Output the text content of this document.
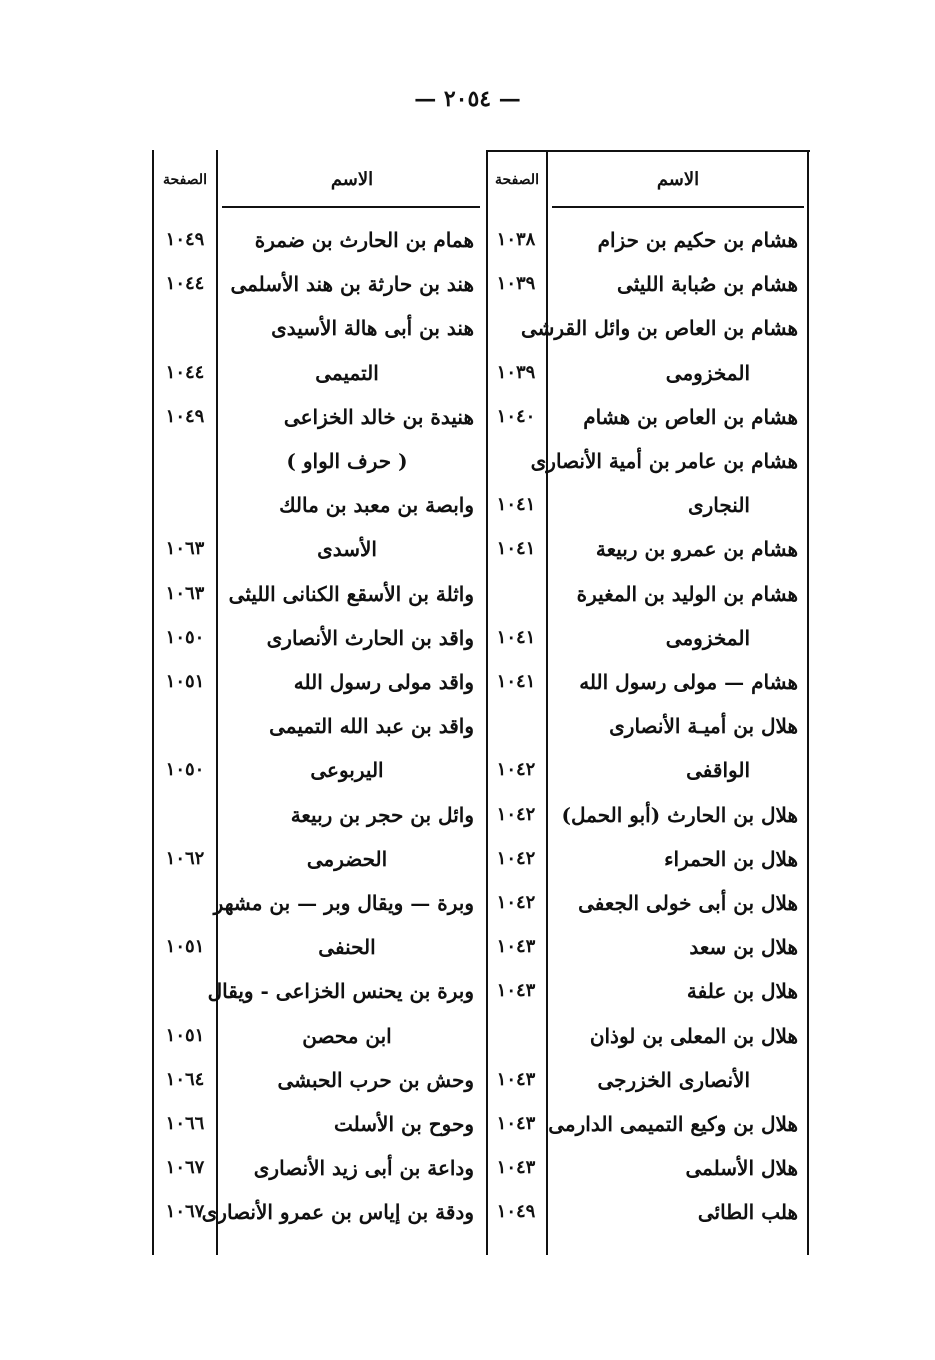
— ٢٠٥٤ —
الاسم
الصفحة
الاسم
الصفحة
هشام بن حكيم بن حزام
١٠٣٨
همام بن الحارث بن ضمرة
١٠٤٩
هشام بن صُبابة الليثى
١٠٣٩
هند بن حارثة بن هند الأسلمى
١٠٤٤
هشام بن العاص بن وائل القرشى
هند بن أبى هالة الأسيدى
المخزومى
١٠٣٩
التميمى
١٠٤٤
هشام بن العاص بن هشام
١٠٤٠
هنيدة بن خالد الخزاعى
١٠٤٩
هشام بن عامر بن أمية الأنصارى
( حرف الواو )
النجارى
١٠٤١
وابصة بن معبد بن مالك
هشام بن عمرو بن ربيعة
١٠٤١
الأسدى
١٠٦٣
هشام بن الوليد بن المغيرة
واثلة بن الأسقع الكنانى الليثى
١٠٦٣
المخزومى
١٠٤١
واقد بن الحارث الأنصارى
١٠٥٠
هشام — مولى رسول الله
١٠٤١
واقد مولى رسول الله
١٠٥١
هلال بن أميـة الأنصارى
واقد بن عبد الله التميمى
الواقفى
١٠٤٢
اليربوعى
١٠٥٠
هلال بن الحارث (أبو الحمل)
١٠٤٢
وائل بن حجر بن ربيعة
هلال بن الحمراء
١٠٤٢
الحضرمى
١٠٦٢
هلال بن أبى خولى الجعفى
١٠٤٢
وبرة — ويقال وبر — بن مشهر
هلال بن سعد
١٠٤٣
الحنفى
١٠٥١
هلال بن علفة
١٠٤٣
وبرة بن يحنس الخزاعى - ويقال
هلال بن المعلى بن لوذان
ابن محصن
١٠٥١
الأنصارى الخزرجى
١٠٤٣
وحش بن حرب الحبشى
١٠٦٤
هلال بن وكيع التميمى الدارمى
١٠٤٣
وحوح بن الأسلت
١٠٦٦
هلال الأسلمى
١٠٤٣
وداعة بن أبى زيد الأنصارى
١٠٦٧
هلب الطائى
١٠٤٩
ودقة بن إياس بن عمرو الأنصارى
١٠٦٧
